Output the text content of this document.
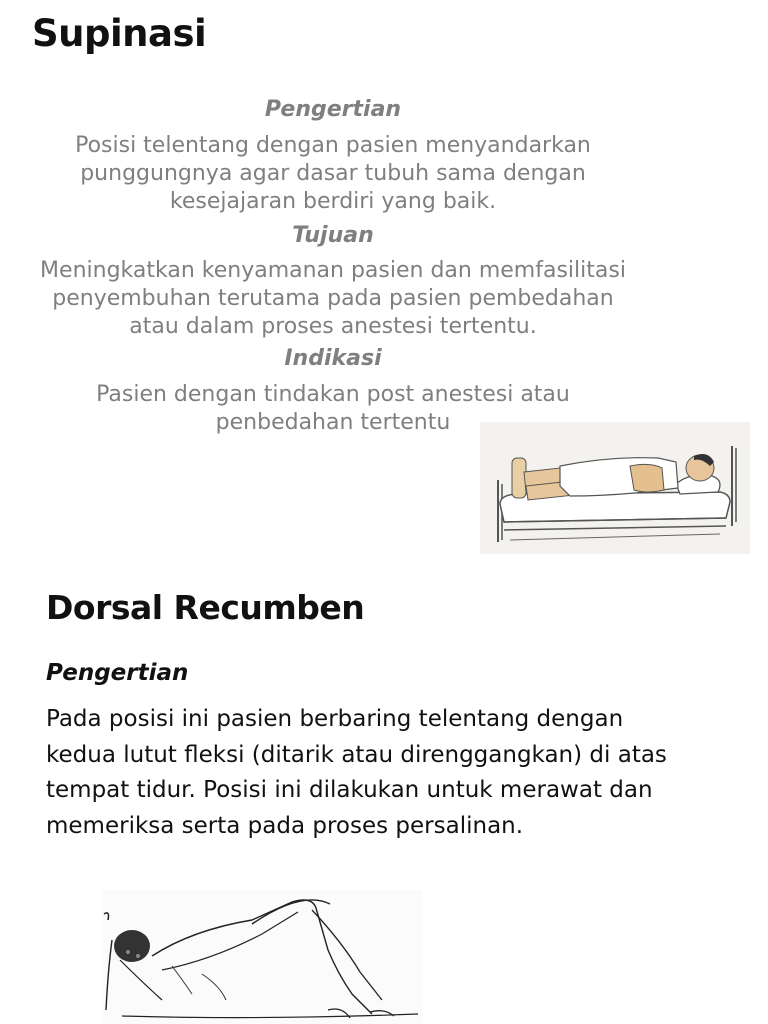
Supinasi
Pengertian
Posisi telentang dengan pasien menyandarkan
punggungnya agar dasar tubuh sama dengan
kesejajaran berdiri yang baik.
Tujuan
Meningkatkan kenyamanan pasien dan memfasilitasi
penyembuhan terutama pada pasien pembedahan
atau dalam proses anestesi tertentu.
Indikasi
Pasien dengan tindakan post anestesi atau
penbedahan tertentu
Dorsal Recumben
Pengertian
Pada posisi ini pasien berbaring telentang dengan
kedua lutut fleksi (ditarik atau direnggangkan) di atas
tempat tidur. Posisi ini dilakukan untuk merawat dan
memeriksa serta pada proses persalinan.
